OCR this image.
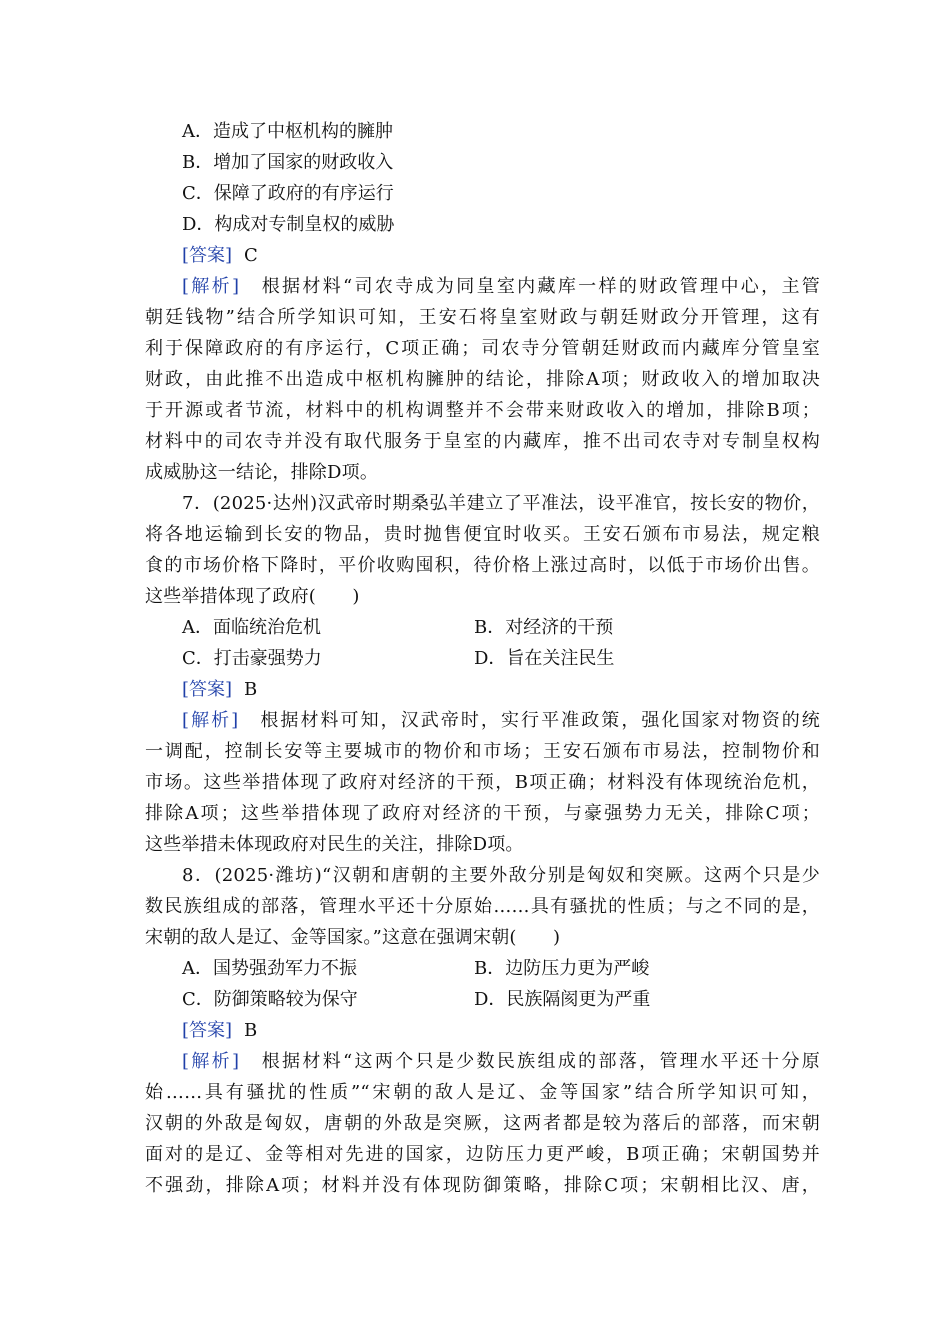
A．造成了中枢机构的臃肿
B．增加了国家的财政收入
C．保障了政府的有序运行
D．构成对专制皇权的威胁
[答案] C
[解析]　 根据材料“司农寺成为同皇室内藏库一样的财政管理中心，主管
朝廷钱物”结合所学知识可知，王安石将皇室财政与朝廷财政分开管理，这有
利于保障政府的有序运行，C项正确；司农寺分管朝廷财政而内藏库分管皇室
财政，由此推不出造成中枢机构臃肿的结论，排除A项；财政收入的增加取决
于开源或者节流，材料中的机构调整并不会带来财政收入的增加，排除B项；
材料中的司农寺并没有取代服务于皇室的内藏库，推不出司农寺对专制皇权构
成威胁这一结论，排除D项。
7．(2025·达州)汉武帝时期桑弘羊建立了平准法，设平准官，按长安的物价，
将各地运输到长安的物品，贵时抛售便宜时收买。王安石颁布市易法，规定粮
食的市场价格下降时，平价收购囤积，待价格上涨过高时，以低于市场价出售。
这些举措体现了政府(　　)
A．面临统治危机	B．对经济的干预
C．打击豪强势力	D．旨在关注民生
[答案] B
[解析]　 根据材料可知，汉武帝时，实行平准政策，强化国家对物资的统
一调配，控制长安等主要城市的物价和市场；王安石颁布市易法，控制物价和
市场。这些举措体现了政府对经济的干预，B项正确；材料没有体现统治危机，
排除A项；这些举措体现了政府对经济的干预，与豪强势力无关，排除C项；
这些举措未体现政府对民生的关注，排除D项。
8．(2025·潍坊)“汉朝和唐朝的主要外敌分别是匈奴和突厥。这两个只是少
数民族组成的部落，管理水平还十分原始……具有骚扰的性质；与之不同的是，
宋朝的敌人是辽、金等国家。”这意在强调宋朝(　　)
A．国势强劲军力不振	B．边防压力更为严峻
C．防御策略较为保守	D．民族隔阂更为严重
[答案] B
[解析]　 根据材料“这两个只是少数民族组成的部落，管理水平还十分原
始……具有骚扰的性质”“宋朝的敌人是辽、金等国家”结合所学知识可知，
汉朝的外敌是匈奴，唐朝的外敌是突厥，这两者都是较为落后的部落，而宋朝
面对的是辽、金等相对先进的国家，边防压力更严峻，B项正确；宋朝国势并
不强劲，排除A项；材料并没有体现防御策略，排除C项；宋朝相比汉、唐，
